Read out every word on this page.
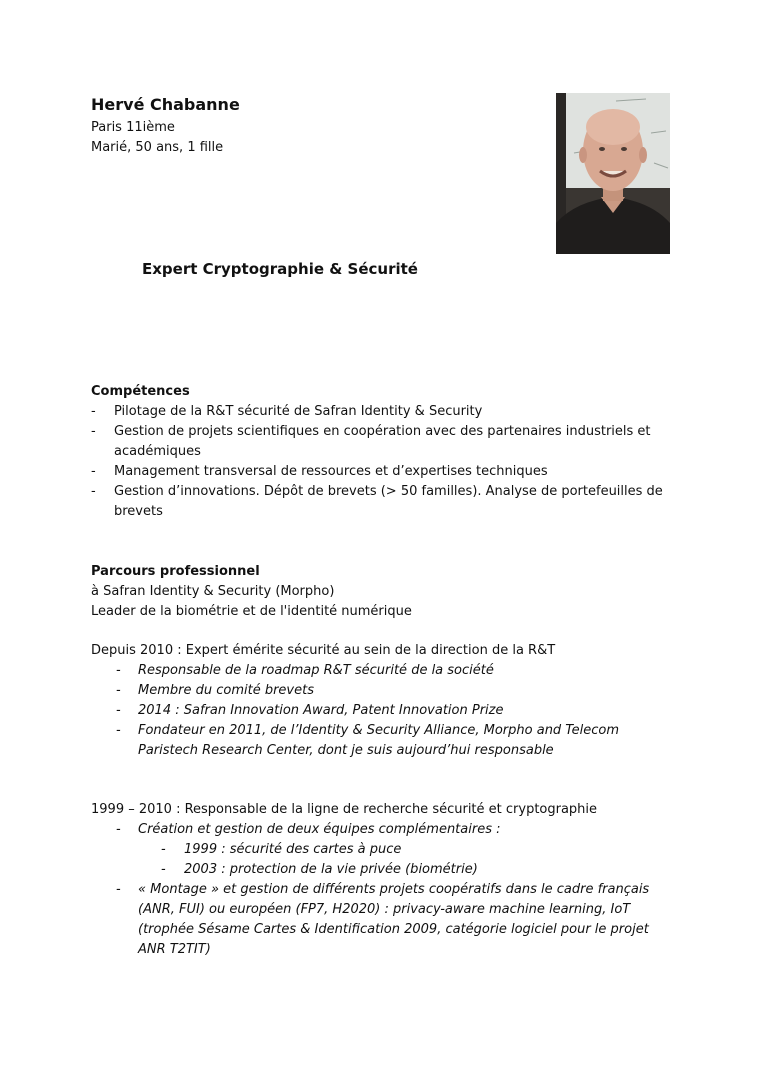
Hervé Chabanne
Paris 11ième
Marié, 50 ans, 1 fille
Expert Cryptographie & Sécurité
Compétences
- Pilotage de la R&T sécurité de Safran Identity & Security
- Gestion de projets scientifiques en coopération avec des partenaires industriels et académiques
- Management transversal de ressources et d’expertises techniques
- Gestion d’innovations. Dépôt de brevets (> 50 familles). Analyse de portefeuilles de brevets
Parcours professionnel
à Safran Identity & Security (Morpho)
Leader de la biométrie et de l'identité numérique
Depuis 2010 : Expert émérite sécurité au sein de la direction de la R&T
- Responsable de la roadmap R&T sécurité de la société
- Membre du comité brevets
- 2014 : Safran Innovation Award, Patent Innovation Prize
- Fondateur en 2011, de l’Identity & Security Alliance, Morpho and Telecom Paristech Research Center, dont je suis aujourd’hui responsable
1999 – 2010 : Responsable de la ligne de recherche sécurité et cryptographie
- Création et gestion de deux équipes complémentaires :
- 1999 : sécurité des cartes à puce
- 2003 : protection de la vie privée (biométrie)
- « Montage » et gestion de différents projets coopératifs dans le cadre français (ANR, FUI) ou européen (FP7, H2020) : privacy-aware machine learning, IoT (trophée Sésame Cartes & Identification 2009, catégorie logiciel pour le projet ANR T2TIT)
